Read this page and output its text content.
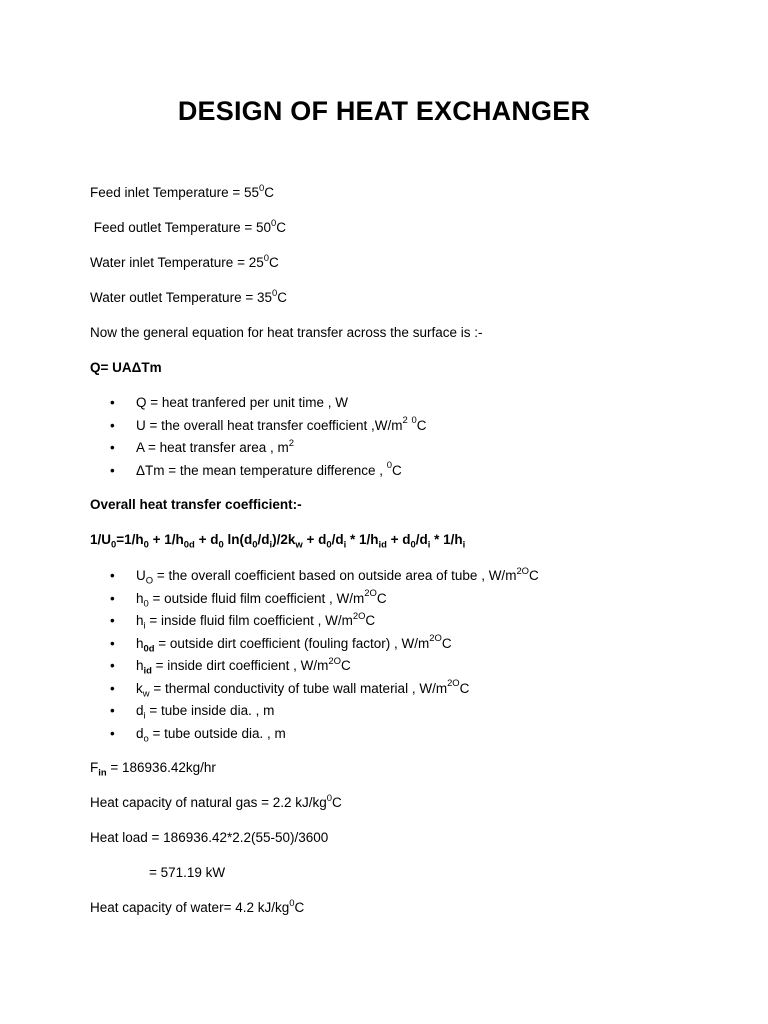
DESIGN OF HEAT EXCHANGER
Feed inlet Temperature = $55^0C$
Feed outlet Temperature = $50^0C$
Water inlet Temperature = $25^0C$
Water outlet Temperature = $35^0C$
Now the general equation for heat transfer across the surface is :-
Q= UAΔTm
•	Q = heat tranfered per unit time , W
•	U = the overall heat transfer coefficient $,W/m^2$ $^0$C
•	A = heat transfer area , $m^2$
•	ΔTm = the mean temperature difference , $^0$C
Overall heat transfer coefficient:-
$1/U_0=1/h_0 + 1/h_{0d} + d_0$ $\ln(d_0/d_i)/2k_w + d_0/d_i * 1/h_{id} + d_0/d_i * 1/h_i$
•	$U_O$ = the overall coefficient based on outside area of tube , $W/m^{2O}C$
•	$h_0$ = outside fluid film coefficient , $W/m^{2O}C$
•	$h_i$ = inside fluid film coefficient , $W/m^{2O}C$
•	$h_{0d}$ = outside dirt coefficient (fouling factor) , $W/m^{2O}C$
•	$h_{id}$ = inside dirt coefficient , $W/m^{2O}C$
•	$k_w$ = thermal conductivity of tube wall material , $W/m^{2O}C$
•	$d_i$ = tube inside dia. , m
•	$d_o$ = tube outside dia. , m
$F_{in} = 186936.42kg/hr$
Heat capacity of natural gas = 2.2 $kJ/kg^0C$
Heat load = 186936.42*2.2(55-50)/3600
= 571.19 kW
Heat capacity of water= 4.2 $kJ/kg^0C$
